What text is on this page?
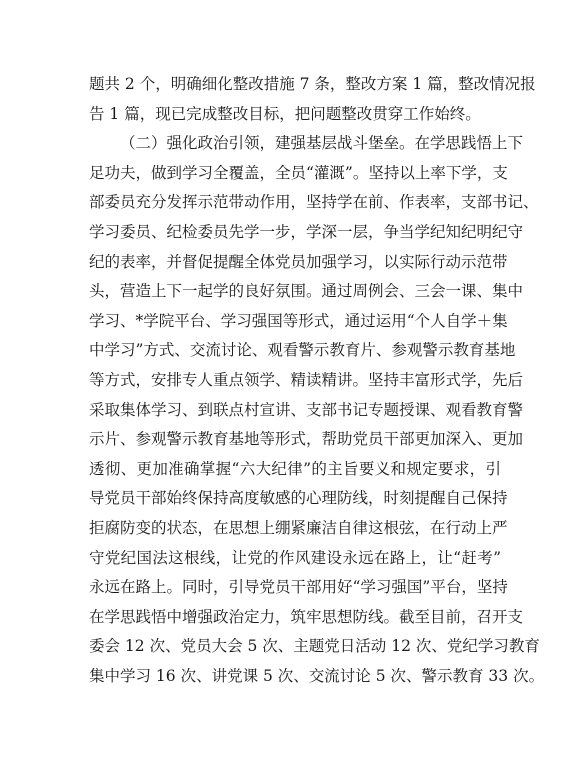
题共 2 个，明确细化整改措施 7 条，整改方案 1 篇，整改情况报
告 1 篇，现已完成整改目标，把问题整改贯穿工作始终。
（二）强化政治引领，建强基层战斗堡垒。在学思践悟上下
足功夫，做到学习全覆盖，全员“灌溉”。坚持以上率下学，支
部委员充分发挥示范带动作用，坚持学在前、作表率，支部书记、
学习委员、纪检委员先学一步，学深一层，争当学纪知纪明纪守
纪的表率，并督促提醒全体党员加强学习，以实际行动示范带
头，营造上下一起学的良好氛围。通过周例会、三会一课、集中
学习、*学院平台、学习强国等形式，通过运用“个人自学＋集
中学习”方式、交流讨论、观看警示教育片、参观警示教育基地
等方式，安排专人重点领学、精读精讲。坚持丰富形式学，先后
采取集体学习、到联点村宣讲、支部书记专题授课、观看教育警
示片、参观警示教育基地等形式，帮助党员干部更加深入、更加
透彻、更加准确掌握“六大纪律”的主旨要义和规定要求，引
导党员干部始终保持高度敏感的心理防线，时刻提醒自己保持
拒腐防变的状态，在思想上绷紧廉洁自律这根弦，在行动上严
守党纪国法这根线，让党的作风建设永远在路上，让“赶考”
永远在路上。同时，引导党员干部用好“学习强国”平台，坚持
在学思践悟中增强政治定力，筑牢思想防线。截至目前，召开支
委会 12 次、党员大会 5 次、主题党日活动 12 次、党纪学习教育
集中学习 16 次、讲党课 5 次、交流讨论 5 次、警示教育 33 次。
